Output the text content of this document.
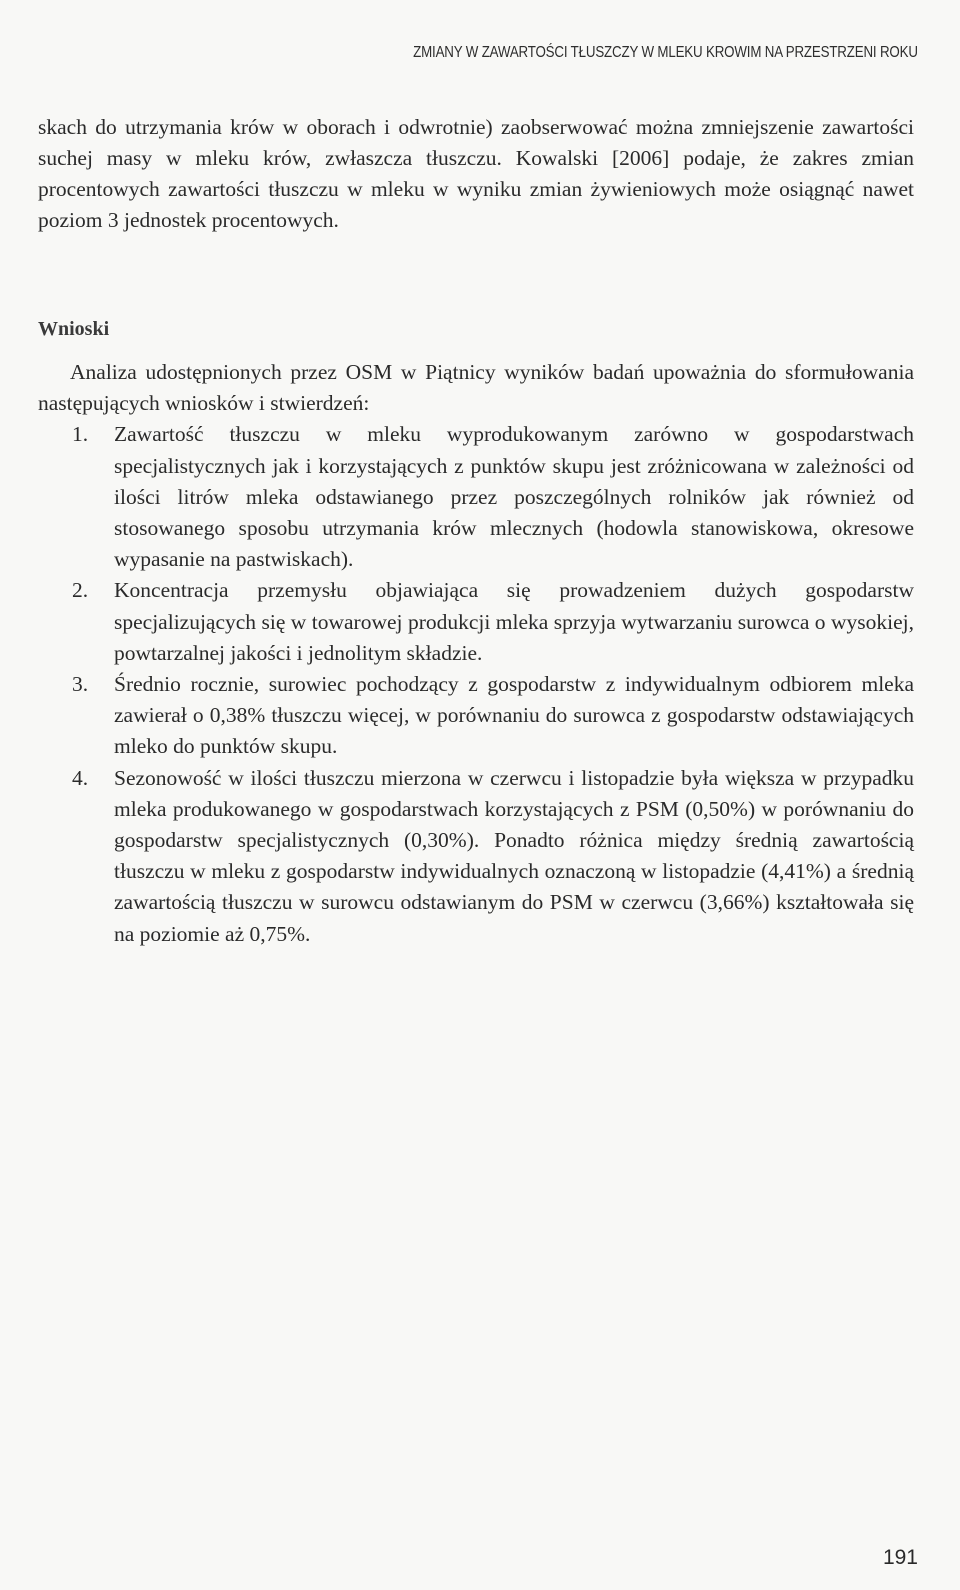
ZMIANY W ZAWARTOŚCI TŁUSZCZY W MLEKU KROWIM NA PRZESTRZENI ROKU

skach do utrzymania krów w oborach i odwrotnie) zaobserwować można zmniejszenie zawartości suchej masy w mleku krów, zwłaszcza tłuszczu. Kowalski [2006] podaje, że zakres zmian procentowych zawartości tłuszczu w mleku w wyniku zmian żywieniowych może osiągnąć nawet poziom 3 jednostek procentowych.

Wnioski

Analiza udostępnionych przez OSM w Piątnicy wyników badań upoważnia do sformułowania następujących wniosków i stwierdzeń:

1. Zawartość tłuszczu w mleku wyprodukowanym zarówno w gospodarstwach specjalistycznych jak i korzystających z punktów skupu jest zróżnicowana w zależności od ilości litrów mleka odstawianego przez poszczególnych rolników jak również od stosowanego sposobu utrzymania krów mlecznych (hodowla stanowiskowa, okresowe wypasanie na pastwiskach).
2. Koncentracja przemysłu objawiająca się prowadzeniem dużych gospodarstw specjalizujących się w towarowej produkcji mleka sprzyja wytwarzaniu surowca o wysokiej, powtarzalnej jakości i jednolitym składzie.
3. Średnio rocznie, surowiec pochodzący z gospodarstw z indywidualnym odbiorem mleka zawierał o 0,38% tłuszczu więcej, w porównaniu do surowca z gospodarstw odstawiających mleko do punktów skupu.
4. Sezonowość w ilości tłuszczu mierzona w czerwcu i listopadzie była większa w przypadku mleka produkowanego w gospodarstwach korzystających z PSM (0,50%) w porównaniu do gospodarstw specjalistycznych (0,30%). Ponadto różnica między średnią zawartością tłuszczu w mleku z gospodarstw indywidualnych oznaczoną w listopadzie (4,41%) a średnią zawartością tłuszczu w surowcu odstawianym do PSM w czerwcu (3,66%) kształtowała się na poziomie aż 0,75%.
191
